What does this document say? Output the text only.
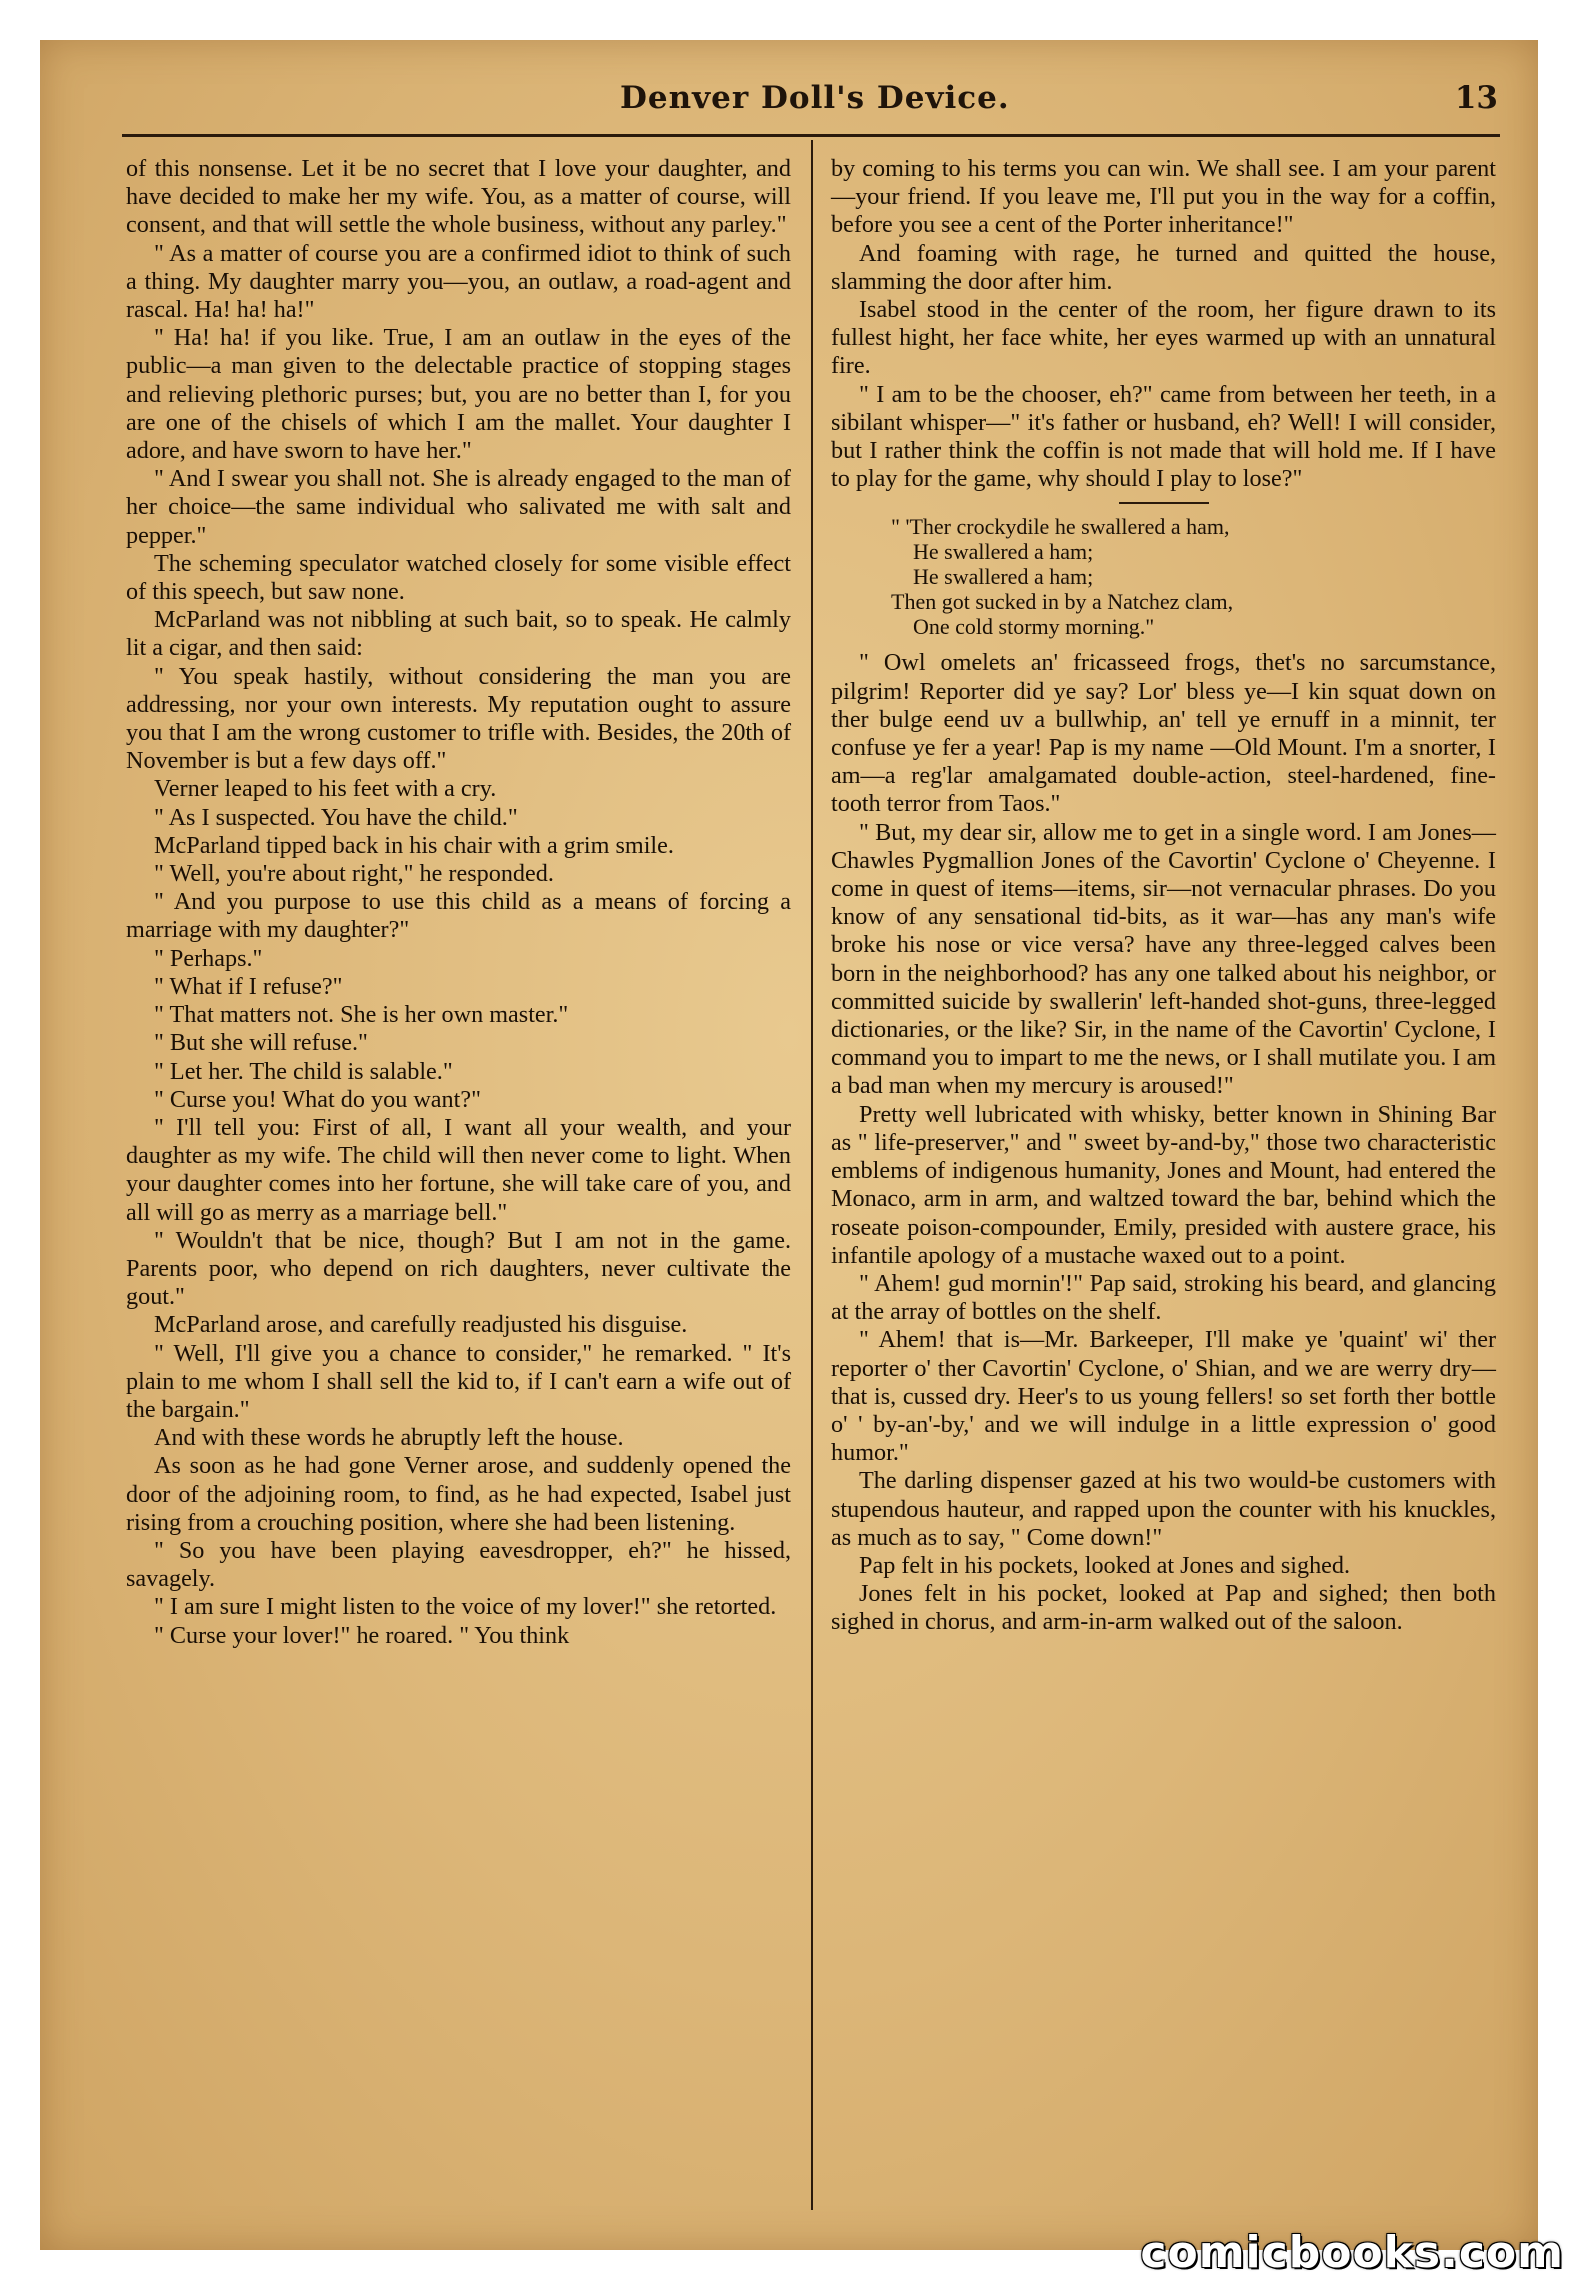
Denver Doll's Device.	13

of this nonsense. Let it be no secret that I love your daughter, and have decided to make her my wife. You, as a matter of course, will consent, and that will settle the whole business, without any parley."

" As a matter of course you are a confirmed idiot to think of such a thing. My daughter marry you—you, an outlaw, a road-agent and rascal. Ha! ha! ha!"

" Ha! ha! if you like. True, I am an outlaw in the eyes of the public—a man given to the delectable practice of stopping stages and relieving plethoric purses; but, you are no better than I, for you are one of the chisels of which I am the mallet. Your daughter I adore, and have sworn to have her."

" And I swear you shall not. She is already engaged to the man of her choice—the same individual who salivated me with salt and pepper."

The scheming speculator watched closely for some visible effect of this speech, but saw none.

McParland was not nibbling at such bait, so to speak. He calmly lit a cigar, and then said:

" You speak hastily, without considering the man you are addressing, nor your own interests. My reputation ought to assure you that I am the wrong customer to trifle with. Besides, the 20th of November is but a few days off."

Verner leaped to his feet with a cry.

" As I suspected. You have the child."

McParland tipped back in his chair with a grim smile.

" Well, you're about right," he responded.

" And you purpose to use this child as a means of forcing a marriage with my daughter?"

" Perhaps."

" What if I refuse?"

" That matters not. She is her own master."

" But she will refuse."

" Let her. The child is salable."

" Curse you! What do you want?"

" I'll tell you: First of all, I want all your wealth, and your daughter as my wife. The child will then never come to light. When your daughter comes into her fortune, she will take care of you, and all will go as merry as a marriage bell."

" Wouldn't that be nice, though? But I am not in the game. Parents poor, who depend on rich daughters, never cultivate the gout."

McParland arose, and carefully readjusted his disguise.

" Well, I'll give you a chance to consider," he remarked. " It's plain to me whom I shall sell the kid to, if I can't earn a wife out of the bargain."

And with these words he abruptly left the house.

As soon as he had gone Verner arose, and suddenly opened the door of the adjoining room, to find, as he had expected, Isabel just rising from a crouching position, where she had been listening.

" So you have been playing eavesdropper, eh?" he hissed, savagely.

" I am sure I might listen to the voice of my lover!" she retorted.

" Curse your lover!" he roared. " You think

by coming to his terms you can win. We shall see. I am your parent—your friend. If you leave me, I'll put you in the way for a coffin, before you see a cent of the Porter inheritance!"

And foaming with rage, he turned and quitted the house, slamming the door after him.

Isabel stood in the center of the room, her figure drawn to its fullest hight, her face white, her eyes warmed up with an unnatural fire.

" I am to be the chooser, eh?" came from between her teeth, in a sibilant whisper—" it's father or husband, eh? Well! I will consider, but I rather think the coffin is not made that will hold me. If I have to play for the game, why should I play to lose?"

" 'Ther crockydile he swallered a ham,
He swallered a ham;
He swallered a ham;
Then got sucked in by a Natchez clam,
One cold stormy morning."

" Owl omelets an' fricasseed frogs, thet's no sarcumstance, pilgrim! Reporter did ye say? Lor' bless ye—I kin squat down on ther bulge eend uv a bullwhip, an' tell ye ernuff in a minnit, ter confuse ye fer a year! Pap is my name —Old Mount. I'm a snorter, I am—a reg'lar amalgamated double-action, steel-hardened, fine-tooth terror from Taos."

" But, my dear sir, allow me to get in a single word. I am Jones—Chawles Pygmallion Jones of the Cavortin' Cyclone o' Cheyenne. I come in quest of items—items, sir—not vernacular phrases. Do you know of any sensational tid-bits, as it war—has any man's wife broke his nose or vice versa? have any three-legged calves been born in the neighborhood? has any one talked about his neighbor, or committed suicide by swallerin' left-handed shot-guns, three-legged dictionaries, or the like? Sir, in the name of the Cavortin' Cyclone, I command you to impart to me the news, or I shall mutilate you. I am a bad man when my mercury is aroused!"

Pretty well lubricated with whisky, better known in Shining Bar as " life-preserver," and " sweet by-and-by," those two characteristic emblems of indigenous humanity, Jones and Mount, had entered the Monaco, arm in arm, and waltzed toward the bar, behind which the roseate poison-compounder, Emily, presided with austere grace, his infantile apology of a mustache waxed out to a point.

" Ahem! gud mornin'!" Pap said, stroking his beard, and glancing at the array of bottles on the shelf.

" Ahem! that is—Mr. Barkeeper, I'll make ye 'quaint' wi' ther reporter o' ther Cavortin' Cyclone, o' Shian, and we are werry dry—that is, cussed dry. Heer's to us young fellers! so set forth ther bottle o' ' by-an'-by,' and we will indulge in a little expression o' good humor."

The darling dispenser gazed at his two would-be customers with stupendous hauteur, and rapped upon the counter with his knuckles, as much as to say, " Come down!"

Pap felt in his pockets, looked at Jones and sighed.

Jones felt in his pocket, looked at Pap and sighed; then both sighed in chorus, and arm-in-arm walked out of the saloon.

comicbooks.com
